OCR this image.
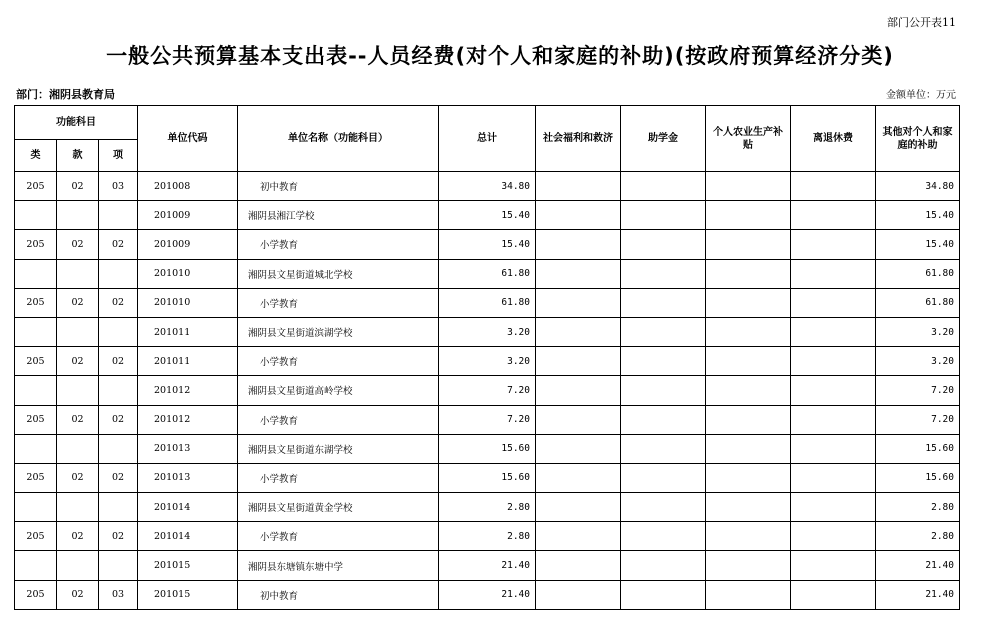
部门公开表11
一般公共预算基本支出表--人员经费(对个人和家庭的补助)(按政府预算经济分类)
部门：湘阴县教育局	金额单位：万元
功能科目			单位代码	单位名称（功能科目）	总计	社会福利和救济	助学金	个人农业生产补贴	离退休费	其他对个人和家庭的补助
类	款	项								
205	02	03	201008	初中教育	34.80					34.80
			201009	湘阴县湘江学校	15.40					15.40
205	02	02	201009	小学教育	15.40					15.40
			201010	湘阴县文星街道城北学校	61.80					61.80
205	02	02	201010	小学教育	61.80					61.80
			201011	湘阴县文星街道滨湖学校	3.20					3.20
205	02	02	201011	小学教育	3.20					3.20
			201012	湘阴县文星街道高岭学校	7.20					7.20
205	02	02	201012	小学教育	7.20					7.20
			201013	湘阴县文星街道东湖学校	15.60					15.60
205	02	02	201013	小学教育	15.60					15.60
			201014	湘阴县文星街道黄金学校	2.80					2.80
205	02	02	201014	小学教育	2.80					2.80
			201015	湘阴县东塘镇东塘中学	21.40					21.40
205	02	03	201015	初中教育	21.40					21.40
